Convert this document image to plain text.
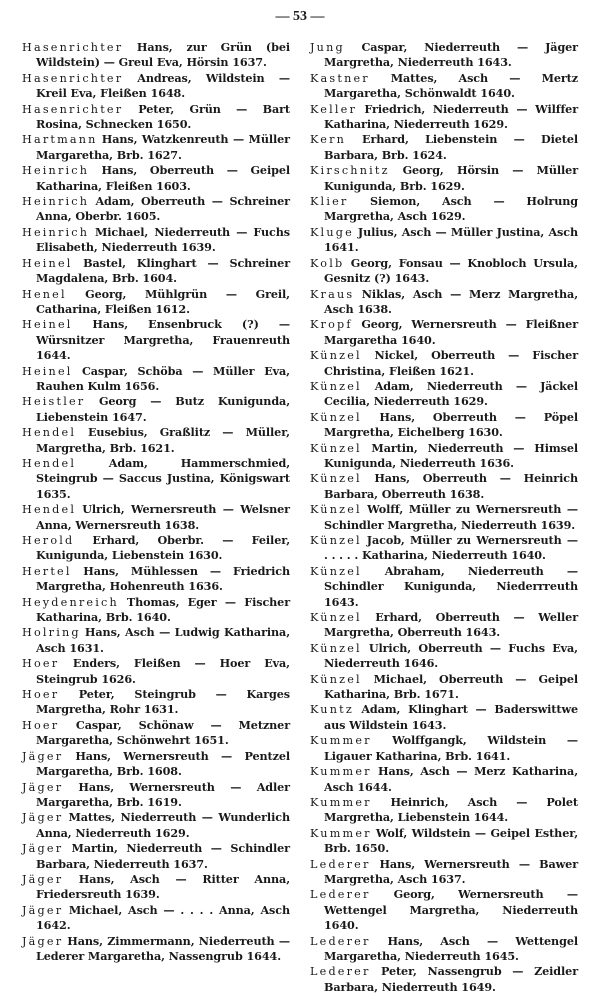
— 53 —

Hasenrichter Hans, zur Grün (bei Wildstein) — Greul Eva, Hörsin 1637.

Hasenrichter Andreas, Wildstein — Kreil Eva, Fleißen 1648.

Hasenrichter Peter, Grün — Bart Rosina, Schnecken 1650.

Hartmann Hans, Watzkenreuth — Müller Margaretha, Brb. 1627.

Heinrich Hans, Oberreuth — Geipel Katharina, Fleißen 1603.

Heinrich Adam, Oberreuth — Schreiner Anna, Oberbr. 1605.

Heinrich Michael, Niederreuth — Fuchs Elisabeth, Niederreuth 1639.

Heinel Bastel, Klinghart — Schreiner Magdalena, Brb. 1604.

Henel Georg, Mühlgrün — Greil, Catharina, Fleißen 1612.

Heinel Hans, Ensenbruck (?) — Würsnitzer Margretha, Frauenreuth 1644.

Heinel Caspar, Schöba — Müller Eva, Rauhen Kulm 1656.

Heistler Georg — Butz Kunigunda, Liebenstein 1647.

Hendel Eusebius, Graßlitz — Müller, Margretha, Brb. 1621.

Hendel	Adam, Hammerschmied, Steingrub — Saccus Justina, Königswart 1635.

Hendel Ulrich, Wernersreuth — Welsner Anna, Wernersreuth 1638.

Herold Erhard, Oberbr. — Feiler, Kunigunda, Liebenstein 1630.

Hertel Hans, Mühlessen — Friedrich Margretha, Hohenreuth 1636.

Heydenreich Thomas, Eger — Fischer Katharina, Brb. 1640.

Holring Hans, Asch — Ludwig Katharina, Asch 1631.

Hoer Enders, Fleißen — Hoer Eva, Steingrub 1626.

Hoer Peter, Steingrub — Karges Margretha, Rohr 1631.

Hoer Caspar, Schönaw — Metzner Margaretha, Schönwehrt 1651.

Jäger Hans, Wernersreuth — Pentzel Margaretha, Brb. 1608.

Jäger Hans, Wernersreuth — Adler Margaretha, Brb. 1619.

Jäger Mattes, Niederreuth — Wunderlich Anna, Niederreuth 1629.

Jäger Martin, Niederreuth — Schindler Barbara, Niederreuth 1637.

Jäger Hans, Asch — Ritter Anna, Friedersreuth 1639.

Jäger Michael, Asch — . . . . Anna, Asch 1642.

Jäger Hans, Zimmermann, Niederreuth — Lederer Margaretha, Nassengrub 1644.

Jung Caspar, Niederreuth — Jäger Margretha, Niederreuth 1643.

Kastner Mattes, Asch — Mertz Margaretha, Schönwaldt 1640.

Keller Friedrich, Niederreuth — Wilffer Katharina, Niederreuth 1629.

Kern Erhard, Liebenstein — Dietel Barbara, Brb. 1624.

Kirschnitz Georg, Hörsin — Müller Kunigunda, Brb. 1629.

Klier Siemon, Asch — Holrung Margretha, Asch 1629.

Kluge Julius, Asch — Müller Justina, Asch 1641.

Kolb Georg, Fonsau — Knobloch Ursula, Gesnitz (?) 1643.

Kraus Niklas, Asch — Merz Margretha, Asch 1638.

Kropf Georg, Wernersreuth — Fleißner Margaretha 1640.

Künzel Nickel, Oberreuth — Fischer Christina, Fleißen 1621.

Künzel Adam, Niederreuth — Jäckel Cecilia, Niederreuth 1629.

Künzel Hans, Oberreuth — Pöpel Margretha, Eichelberg 1630.

Künzel Martin, Niederreuth — Himsel Kunigunda, Niederreuth 1636.

Künzel Hans, Oberreuth — Heinrich Barbara, Oberreuth 1638.

Künzel Wolff, Müller zu Wernersreuth — Schindler Margretha, Niederreuth 1639.

Künzel Jacob, Müller zu Wernersreuth — . . . . . Katharina, Niederreuth 1640.

Künzel Abraham, Niederreuth — Schindler Kunigunda, Niederrreuth 1643.

Künzel Erhard, Oberreuth — Weller Margretha, Oberreuth 1643.

Künzel Ulrich, Oberreuth — Fuchs Eva, Niederreuth 1646.

Künzel Michael, Oberreuth — Geipel Katharina, Brb. 1671.

Kuntz Adam, Klinghart — Baderswittwe aus Wildstein 1643.

Kummer Wolffgangk, Wildstein — Ligauer Katharina, Brb. 1641.

Kummer Hans, Asch — Merz Katharina, Asch 1644.

Kummer Heinrich, Asch — Polet Margretha, Liebenstein 1644.

Kummer Wolf, Wildstein — Geipel Esther, Brb. 1650.

Lederer Hans, Wernersreuth — Bawer Margretha, Asch 1637.

Lederer Georg, Wernersreuth — Wettengel Margretha, Niederreuth 1640.

Lederer Hans, Asch — Wettengel Margaretha, Niederreuth 1645.

Lederer Peter, Nassengrub — Zeidler Barbara, Niederreuth 1649.
